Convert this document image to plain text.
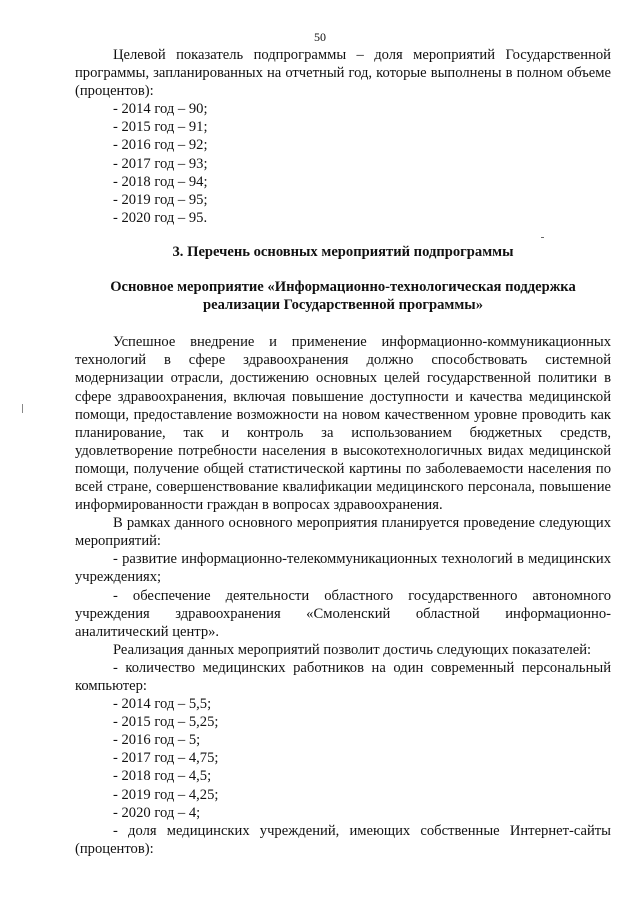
50

Целевой показатель подпрограммы – доля мероприятий Государственной программы, запланированных на отчетный год, которые выполнены в полном объеме (процентов):

- 2014 год – 90;

- 2015 год – 91;

- 2016 год – 92;

- 2017 год – 93;

- 2018 год – 94;

- 2019 год – 95;

- 2020 год – 95.

3. Перечень основных мероприятий подпрограммы

Основное мероприятие «Информационно-технологическая поддержка
реализации Государственной программы»

Успешное внедрение и применение информационно-коммуникационных технологий в сфере здравоохранения должно способствовать системной модернизации отрасли, достижению основных целей государственной политики в сфере здравоохранения, включая повышение доступности и качества медицинской помощи, предоставление возможности на новом качественном уровне проводить как планирование, так и контроль за использованием бюджетных средств, удовлетворение потребности населения в высокотехнологичных видах медицинской помощи, получение общей статистической картины по заболеваемости населения по всей стране, совершенствование квалификации медицинского персонала, повышение информированности граждан в вопросах здравоохранения.

В рамках данного основного мероприятия планируется проведение следующих мероприятий:

- развитие информационно-телекоммуникационных технологий в медицинских учреждениях;

- обеспечение деятельности областного государственного автономного учреждения здравоохранения «Смоленский областной информационно-аналитический центр».

Реализация данных мероприятий позволит достичь следующих показателей:

- количество медицинских работников на один современный персональный компьютер:

- 2014 год – 5,5;

- 2015 год – 5,25;

- 2016 год – 5;

- 2017 год – 4,75;

- 2018 год – 4,5;

- 2019 год – 4,25;

- 2020 год – 4;

- доля медицинских учреждений, имеющих собственные Интернет-сайты (процентов):
